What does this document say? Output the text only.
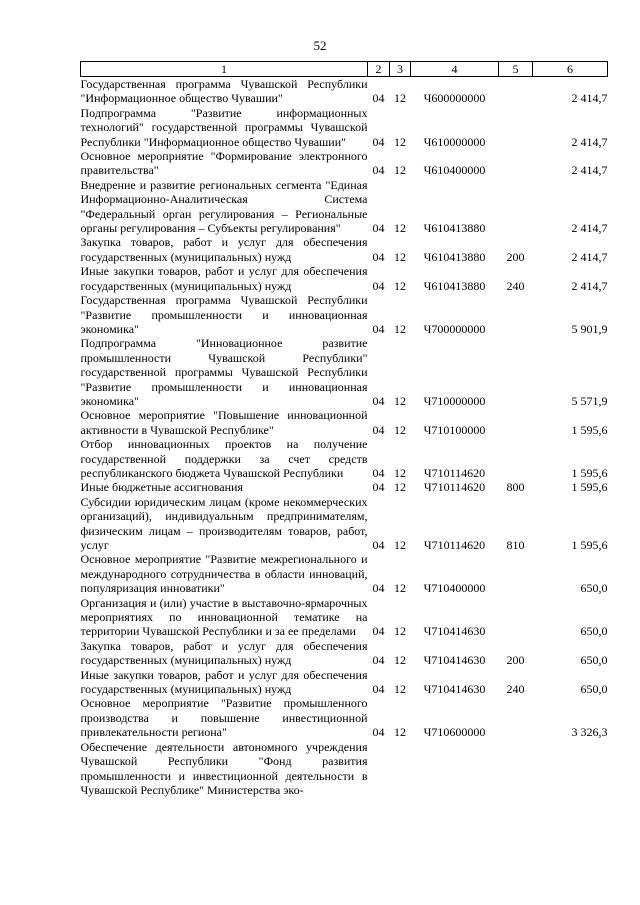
52
1	2	3	4	5	6
Государственная программа Чувашской Республики "Информационное общество Чувашии"	04	12	Ч600000000		2 414,7
Подпрограмма "Развитие информационных технологий" государственной программы Чувашской Республики "Информационное общество Чувашии"	04	12	Ч610000000		2 414,7
Основное мероприятие "Формирование электронного правительства"	04	12	Ч610400000		2 414,7
Внедрение и развитие региональных сегмента "Единая Информационно-Аналитическая Система "Федеральный орган регулирования – Региональные органы регулирования – Субъекты регулирования"	04	12	Ч610413880		2 414,7
Закупка товаров, работ и услуг для обеспечения государственных (муниципальных) нужд	04	12	Ч610413880	200	2 414,7
Иные закупки товаров, работ и услуг для обеспечения государственных (муниципальных) нужд	04	12	Ч610413880	240	2 414,7
Государственная программа Чувашской Республики "Развитие промышленности и инновационная экономика"	04	12	Ч700000000		5 901,9
Подпрограмма "Инновационное развитие промышленности Чувашской Республики" государственной программы Чувашской Республики "Развитие промышленности и инновационная экономика"	04	12	Ч710000000		5 571,9
Основное мероприятие "Повышение инновационной активности в Чувашской Республике"	04	12	Ч710100000		1 595,6
Отбор инновационных проектов на получение государственной поддержки за счет средств республиканского бюджета Чувашской Республики	04	12	Ч710114620		1 595,6
Иные бюджетные ассигнования	04	12	Ч710114620	800	1 595,6
Субсидии юридическим лицам (кроме некоммерческих организаций), индивидуальным предпринимателям, физическим лицам – производителям товаров, работ, услуг	04	12	Ч710114620	810	1 595,6
Основное мероприятие "Развитие межрегионального и международного сотрудничества в области инноваций, популяризация инноватики"	04	12	Ч710400000		650,0
Организация и (или) участие в выставочно-ярмарочных мероприятиях по инновационной тематике на территории Чувашской Республики и за ее пределами	04	12	Ч710414630		650,0
Закупка товаров, работ и услуг для обеспечения государственных (муниципальных) нужд	04	12	Ч710414630	200	650,0
Иные закупки товаров, работ и услуг для обеспечения государственных (муниципальных) нужд	04	12	Ч710414630	240	650,0
Основное мероприятие "Развитие промышленного производства и повышение инвестиционной привлекательности региона"	04	12	Ч710600000		3 326,3
Обеспечение деятельности автономного учреждения Чувашской Республики "Фонд развития промышленности и инвестиционной деятельности в Чувашской Республике" Министерства эко-					
